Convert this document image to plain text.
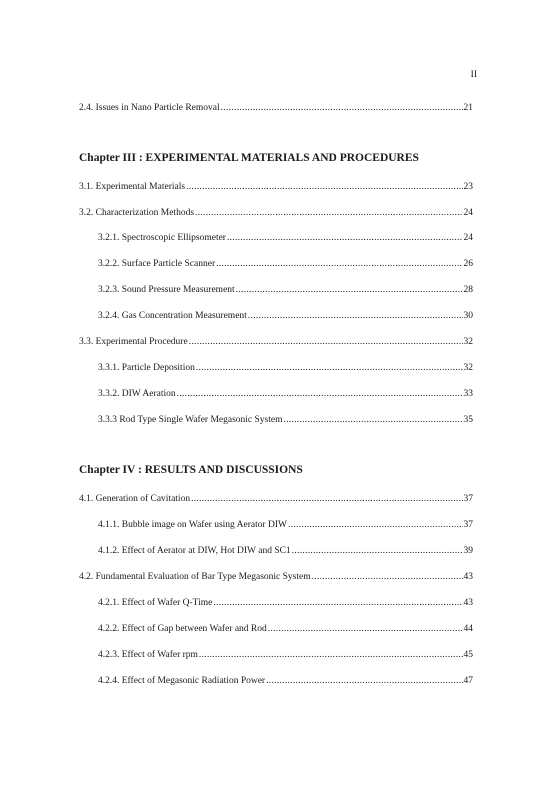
II
2.4. Issues in Nano Particle Removal .....	21
Chapter III : EXPERIMENTAL MATERIALS AND PROCEDURES
3.1. Experimental Materials .....	23
3.2. Characterization Methods .....	24
3.2.1. Spectroscopic Ellipsometer .....	24
3.2.2. Surface Particle Scanner .....	26
3.2.3. Sound Pressure Measurement .....	28
3.2.4. Gas Concentration Measurement .....	30
3.3. Experimental Procedure .....	32
3.3.1. Particle Deposition .....	32
3.3.2. DIW Aeration .....	33
3.3.3 Rod Type Single Wafer Megasonic System .....	35
Chapter IV : RESULTS AND DISCUSSIONS
4.1. Generation of Cavitation .....	37
4.1.1. Bubble image on Wafer using Aerator DIW .....	37
4.1.2. Effect of Aerator at DIW, Hot DIW and SC1 .....	39
4.2. Fundamental Evaluation of Bar Type Megasonic System .....	43
4.2.1. Effect of Wafer Q-Time .....	43
4.2.2. Effect of Gap between Wafer and Rod .....	44
4.2.3. Effect of Wafer rpm .....	45
4.2.4. Effect of Megasonic Radiation Power .....	47
